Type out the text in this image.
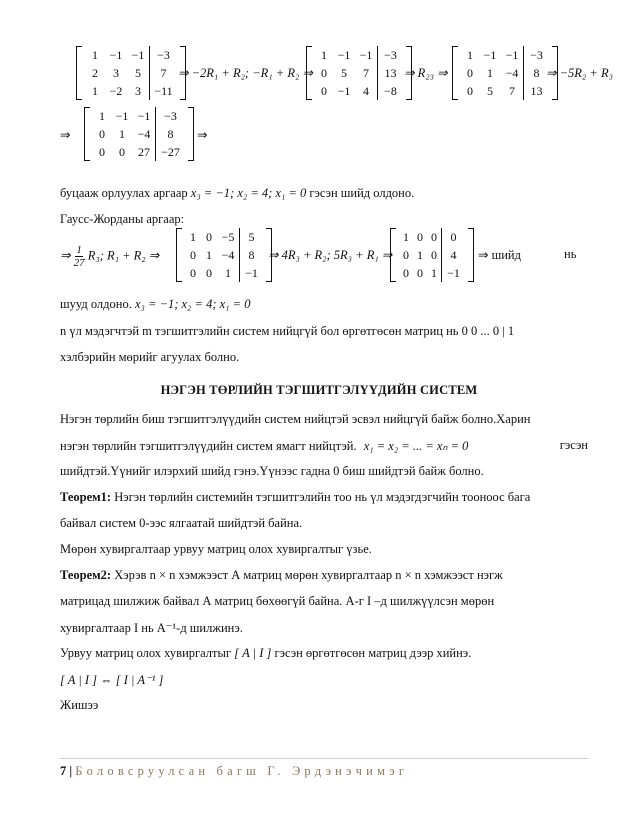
1 −1 −1	−3
2	3	5	7
1 −2	3	−11
⇒ −2R₁ + R₂; −R₁ + R₂ ⇒
1 −1 −1 −3
0	5	7	13
0 −1	4	−8
⇒ R₂₃ ⇒
1 −1 −1 −3
0	1	−4	8
0	5	7	13
⇒ −5R₂ + R₃
⇒
1 −1 −1	−3
0	1	−4	8
0	0	27 −27
⇒
буцааж орлуулах аргаар x₃ = −1; x₂ = 4; x₁ = 0 гэсэн шийд олдоно.
Гаусс-Жорданы аргаар:
⇒ $\frac{1}{27} R_3$; R₁ + R₂ ⇒
1 0 −5	5
0 1 −4	8
0 0	1	−1
⇒ 4R₃ + R₂; 5R₃ + R₁ ⇒
1 0 0	0
0 1 0	4
0 0 1 −1
⇒ шийд	нь
шууд олдоно. x₃ = −1; x₂ = 4; x₁ = 0
n үл мэдэгчтэй m тэгшитгэлийн систем нийцгүй бол өргөтгөсөн матриц нь 0 0 ... 0 | 1
хэлбэрийн мөрийг агуулах болно.
НЭГЭН ТӨРЛИЙН ТЭГШИТГЭЛҮҮДИЙН СИСТЕМ
Нэгэн төрлийн биш тэгшитгэлүүдийн систем нийцтэй эсвэл нийцгүй байж болно.Харин
нэгэн төрлийн тэгшитгэлүүдийн систем ямагт нийцтэй. x₁ = x₂ = ... = xₙ = 0	гэсэн
шийдтэй.Үүнийг илэрхий шийд гэнэ.Үүнээс гадна 0 биш шийдтэй байж болно.
Теорем1: Нэгэн төрлийн системийн тэгшитгэлийн тоо нь үл мэдэгдэгчийн тооноос бага
байвал систем 0-ээс ялгаатай шийдтэй байна.
Мөрөн хувиргалтаар урвуу матриц олох хувиргалтыг үзье.
Теорем2: Хэрэв n × n хэмжээст А матриц мөрөн хувиргалтаар n × n хэмжээст нэгж
матрицад шилжиж байвал А матриц бөхөөгүй байна. А-г I –д шилжүүлсэн мөрөн
хувиргалтаар I нь A⁻¹-д шилжинэ.
Урвуу матриц олох хувиргалтыг [ A | I ] гэсэн өргөтгөсөн матриц дээр хийнэ.
[ A | I ] ⇔ [ I | A⁻¹ ]
Жишээ
7 | Боловсруулсан багш Г. Эрдэнэчимэг
